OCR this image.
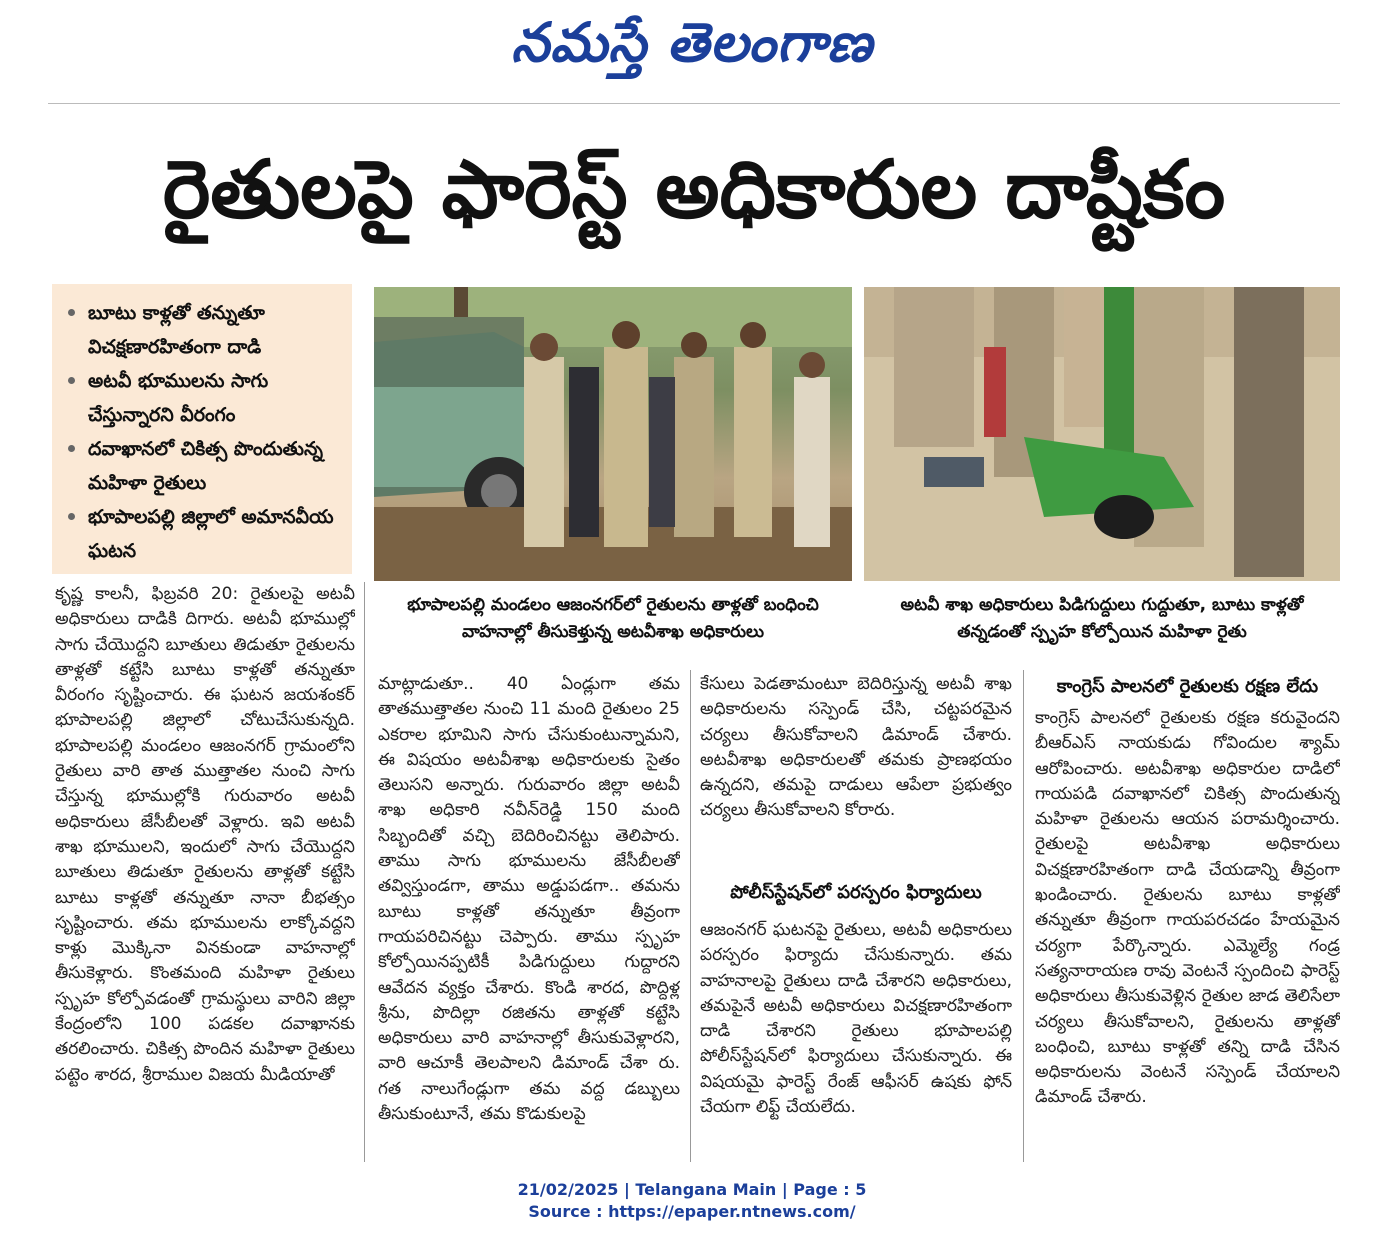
నమస్తే తెలంగాణ
రైతులపై ఫారెస్ట్ అధికారుల దాష్టీకం
బూటు కాళ్లతో తన్నుతూ విచక్షణారహితంగా దాడి
అటవీ భూములను సాగు చేస్తున్నారని వీరంగం
దవాఖానలో చికిత్స పొందుతున్న మహిళా రైతులు
భూపాలపల్లి జిల్లాలో అమానవీయ ఘటన
భూపాలపల్లి మండలం ఆజంనగర్‌లో రైతులను తాళ్లతో బంధించి వాహనాల్లో తీసుకెళ్తున్న అటవీశాఖ అధికారులు
అటవీ శాఖ అధికారులు పిడిగుద్దులు గుద్దుతూ, బూటు కాళ్లతో తన్నడంతో స్పృహ కోల్పోయిన మహిళా రైతు

కృష్ణ కాలనీ, ఫిబ్రవరి 20: రైతులపై అటవీ అధికారులు దాడికి దిగారు. అటవీ భూముల్లో సాగు చేయొద్దని బూతులు తిడుతూ రైతులను తాళ్లతో కట్టేసి బూటు కాళ్లతో తన్నుతూ వీరంగం సృష్టించారు. ఈ ఘటన జయశంకర్ భూపాలపల్లి జిల్లాలో చోటుచేసుకున్నది. భూపాలపల్లి మండలం ఆజంనగర్ గ్రామంలోని రైతులు వారి తాత ముత్తాతల నుంచి సాగు చేస్తున్న భూముల్లోకి గురువారం అటవీ అధికారులు జేసీబీలతో వెళ్లారు. ఇవి అటవీ శాఖ భూములని, ఇందులో సాగు చేయొద్దని బూతులు తిడుతూ రైతులను తాళ్లతో కట్టేసి బూటు కాళ్లతో తన్నుతూ నానా బీభత్సం సృష్టించారు. తమ భూములను లాక్కోవద్దని కాళ్లు మొక్కినా వినకుండా వాహనాల్లో తీసుకెళ్లారు. కొంతమంది మహిళా రైతులు స్పృహ కోల్పోవడంతో గ్రామస్థులు వారిని జిల్లా కేంద్రంలోని 100 పడకల దవాఖానకు తరలించారు. చికిత్స పొందిన మహిళా రైతులు పట్టెం శారద, శ్రీరాముల విజయ మీడియాతో

మాట్లాడుతూ.. 40 ఏండ్లుగా తమ తాతముత్తాతల నుంచి 11 మంది రైతులం 25 ఎకరాల భూమిని సాగు చేసుకుంటున్నామని, ఈ విషయం అటవీశాఖ అధికారులకు సైతం తెలుసని అన్నారు. గురువారం జిల్లా అటవీ శాఖ అధికారి నవీన్‌రెడ్డి 150 మంది సిబ్బందితో వచ్చి బెదిరించినట్టు తెలిపారు. తాము సాగు భూములను జేసీబీలతో తవ్విస్తుండగా, తాము అడ్డుపడగా.. తమను బూటు కాళ్లతో తన్నుతూ తీవ్రంగా గాయపరిచినట్టు చెప్పారు. తాము స్పృహ కోల్పోయినప్పటికీ పిడిగుద్దులు గుద్దారని ఆవేదన వ్యక్తం చేశారు. కొండి శారద, పొద్దిళ్ల శ్రీను, పొదిల్లా రజితను తాళ్లతో కట్టేసి అధికారులు వారి వాహనాల్లో తీసుకువెళ్లారని, వారి ఆచూకీ తెలపాలని డిమాండ్ చేశా రు. గత నాలుగేండ్లుగా తమ వద్ద డబ్బులు తీసుకుంటూనే, తమ కొడుకులపై

కేసులు పెడతామంటూ బెదిరిస్తున్న అటవీ శాఖ అధికారులను సస్పెండ్ చేసి, చట్టపరమైన చర్యలు తీసుకోవాలని డిమాండ్ చేశారు. అటవీశాఖ అధికారులతో తమకు ప్రాణభయం ఉన్నదని, తమపై దాడులు ఆపేలా ప్రభుత్వం చర్యలు తీసుకోవాలని కోరారు.

పోలీస్‌స్టేషన్‌లో పరస్పరం ఫిర్యాదులు

ఆజంనగర్ ఘటనపై రైతులు, అటవీ అధికారులు పరస్పరం ఫిర్యాదు చేసుకున్నారు. తమ వాహనాలపై రైతులు దాడి చేశారని అధికారులు, తమపైనే అటవీ అధికారులు విచక్షణారహితంగా దాడి చేశారని రైతులు భూపాలపల్లి పోలీస్‌స్టేషన్‌లో ఫిర్యాదులు చేసుకున్నారు. ఈ విషయమై ఫారెస్ట్ రేంజ్ ఆఫీసర్ ఉషకు ఫోన్ చేయగా లిఫ్ట్ చేయలేదు.

కాంగ్రెస్ పాలనలో రైతులకు రక్షణ లేదు

కాంగ్రెస్ పాలనలో రైతులకు రక్షణ కరువైందని బీఆర్‌ఎస్ నాయకుడు గోవిందుల శ్యామ్ ఆరోపించారు. అటవీశాఖ అధికారుల దాడిలో గాయపడి దవాఖానలో చికిత్స పొందుతున్న మహిళా రైతులను ఆయన పరామర్శించారు. రైతులపై అటవీశాఖ అధికారులు విచక్షణారహితంగా దాడి చేయడాన్ని తీవ్రంగా ఖండించారు. రైతులను బూటు కాళ్లతో తన్నుతూ తీవ్రంగా గాయపరచడం హేయమైన చర్యగా పేర్కొన్నారు. ఎమ్మెల్యే గండ్ర సత్యనారాయణ రావు వెంటనే స్పందించి ఫారెస్ట్ అధికారులు తీసుకువెళ్లిన రైతుల జాడ తెలిసేలా చర్యలు తీసుకోవాలని, రైతులను తాళ్లతో బంధించి, బూటు కాళ్లతో తన్ని దాడి చేసిన అధికారులను వెంటనే సస్పెండ్ చేయాలని డిమాండ్ చేశారు.

21/02/2025 | Telangana Main | Page : 5
Source : https://epaper.ntnews.com/
